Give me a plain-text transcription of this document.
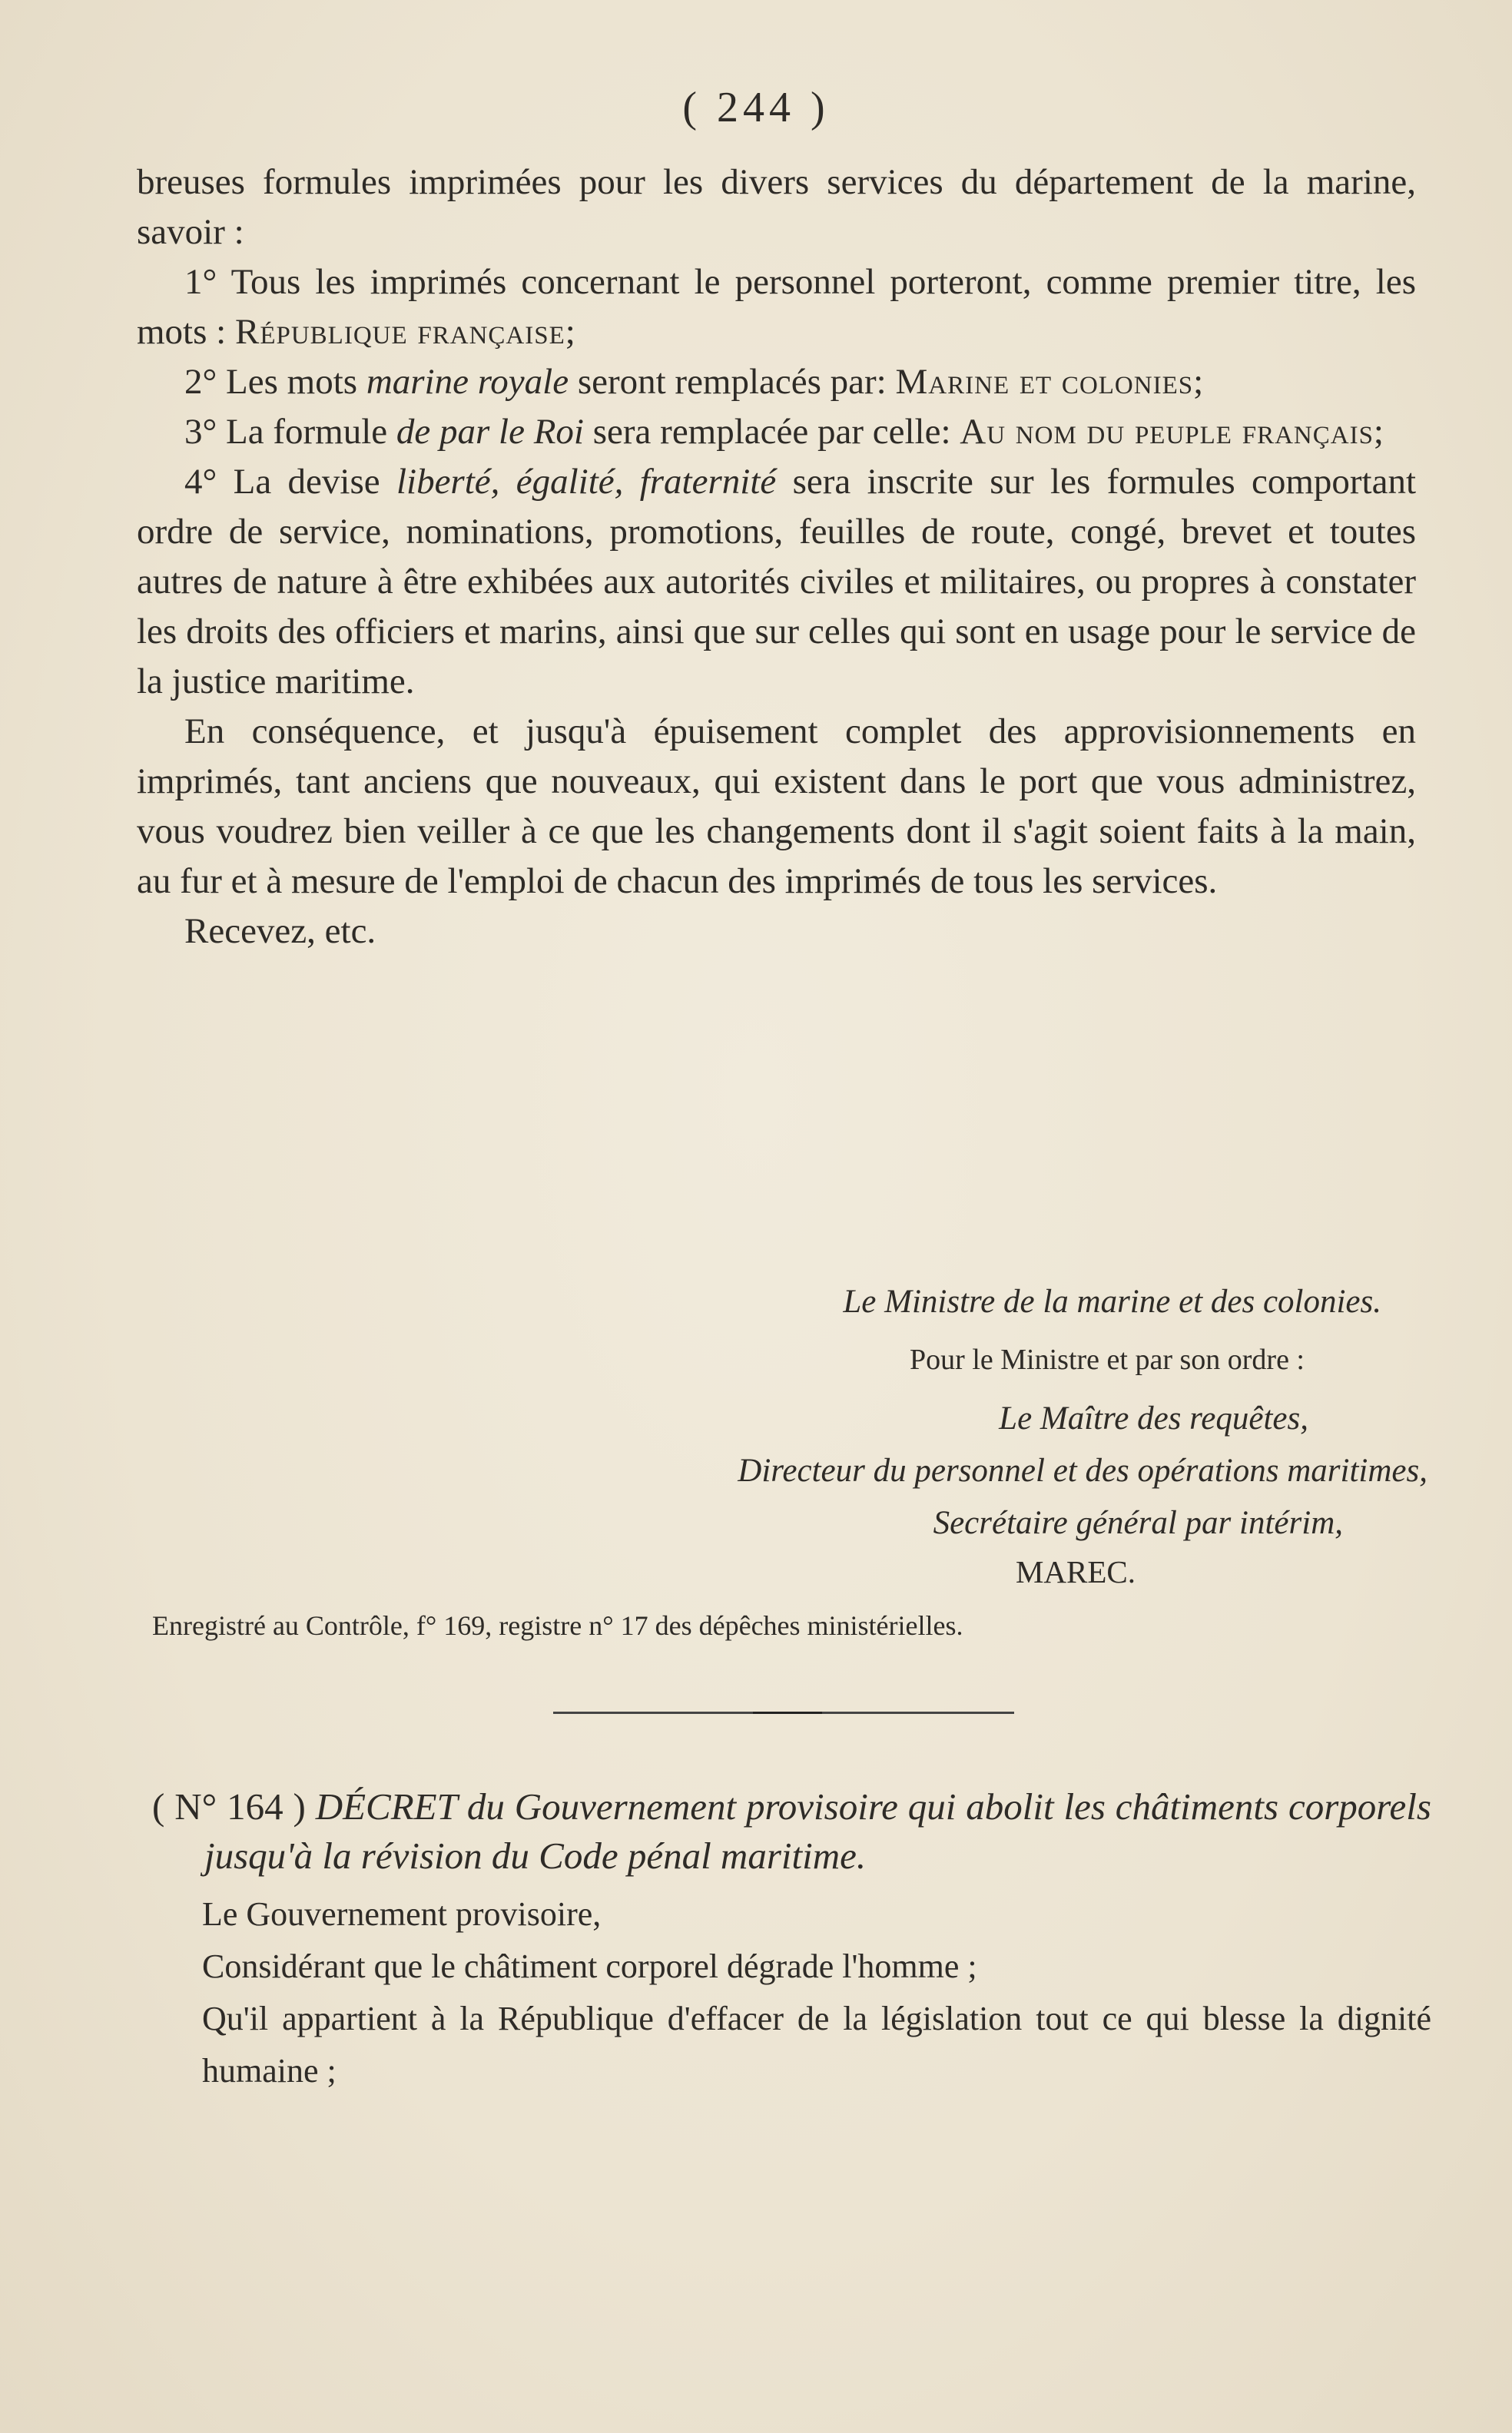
( 244 )

breuses formules imprimées pour les divers services du département de la marine, savoir :

1° Tous les imprimés concernant le personnel porteront, comme premier titre, les mots : République française;

2° Les mots marine royale seront remplacés par: Marine et colonies;

3° La formule de par le Roi sera remplacée par celle: Au nom du peuple français;

4° La devise liberté, égalité, fraternité sera inscrite sur les formules comportant ordre de service, nominations, promotions, feuilles de route, congé, brevet et toutes autres de nature à être exhibées aux autorités civiles et militaires, ou propres à constater les droits des officiers et marins, ainsi que sur celles qui sont en usage pour le service de la justice maritime.

En conséquence, et jusqu'à épuisement complet des approvisionnements en imprimés, tant anciens que nouveaux, qui existent dans le port que vous administrez, vous voudrez bien veiller à ce que les changements dont il s'agit soient faits à la main, au fur et à mesure de l'emploi de chacun des imprimés de tous les services.

Recevez, etc.

Le Ministre de la marine et des colonies.
Pour le Ministre et par son ordre :
Le Maître des requêtes,
Directeur du personnel et des opérations maritimes,
Secrétaire général par intérim,
MAREC.
Enregistré au Contrôle, f° 169, registre n° 17 des dépêches ministérielles.

( N° 164 ) DÉCRET du Gouvernement provisoire qui abolit les châtiments corporels jusqu'à la révision du Code pénal maritime.

Le Gouvernement provisoire,

Considérant que le châtiment corporel dégrade l'homme ;

Qu'il appartient à la République d'effacer de la législation tout ce qui blesse la dignité humaine ;
